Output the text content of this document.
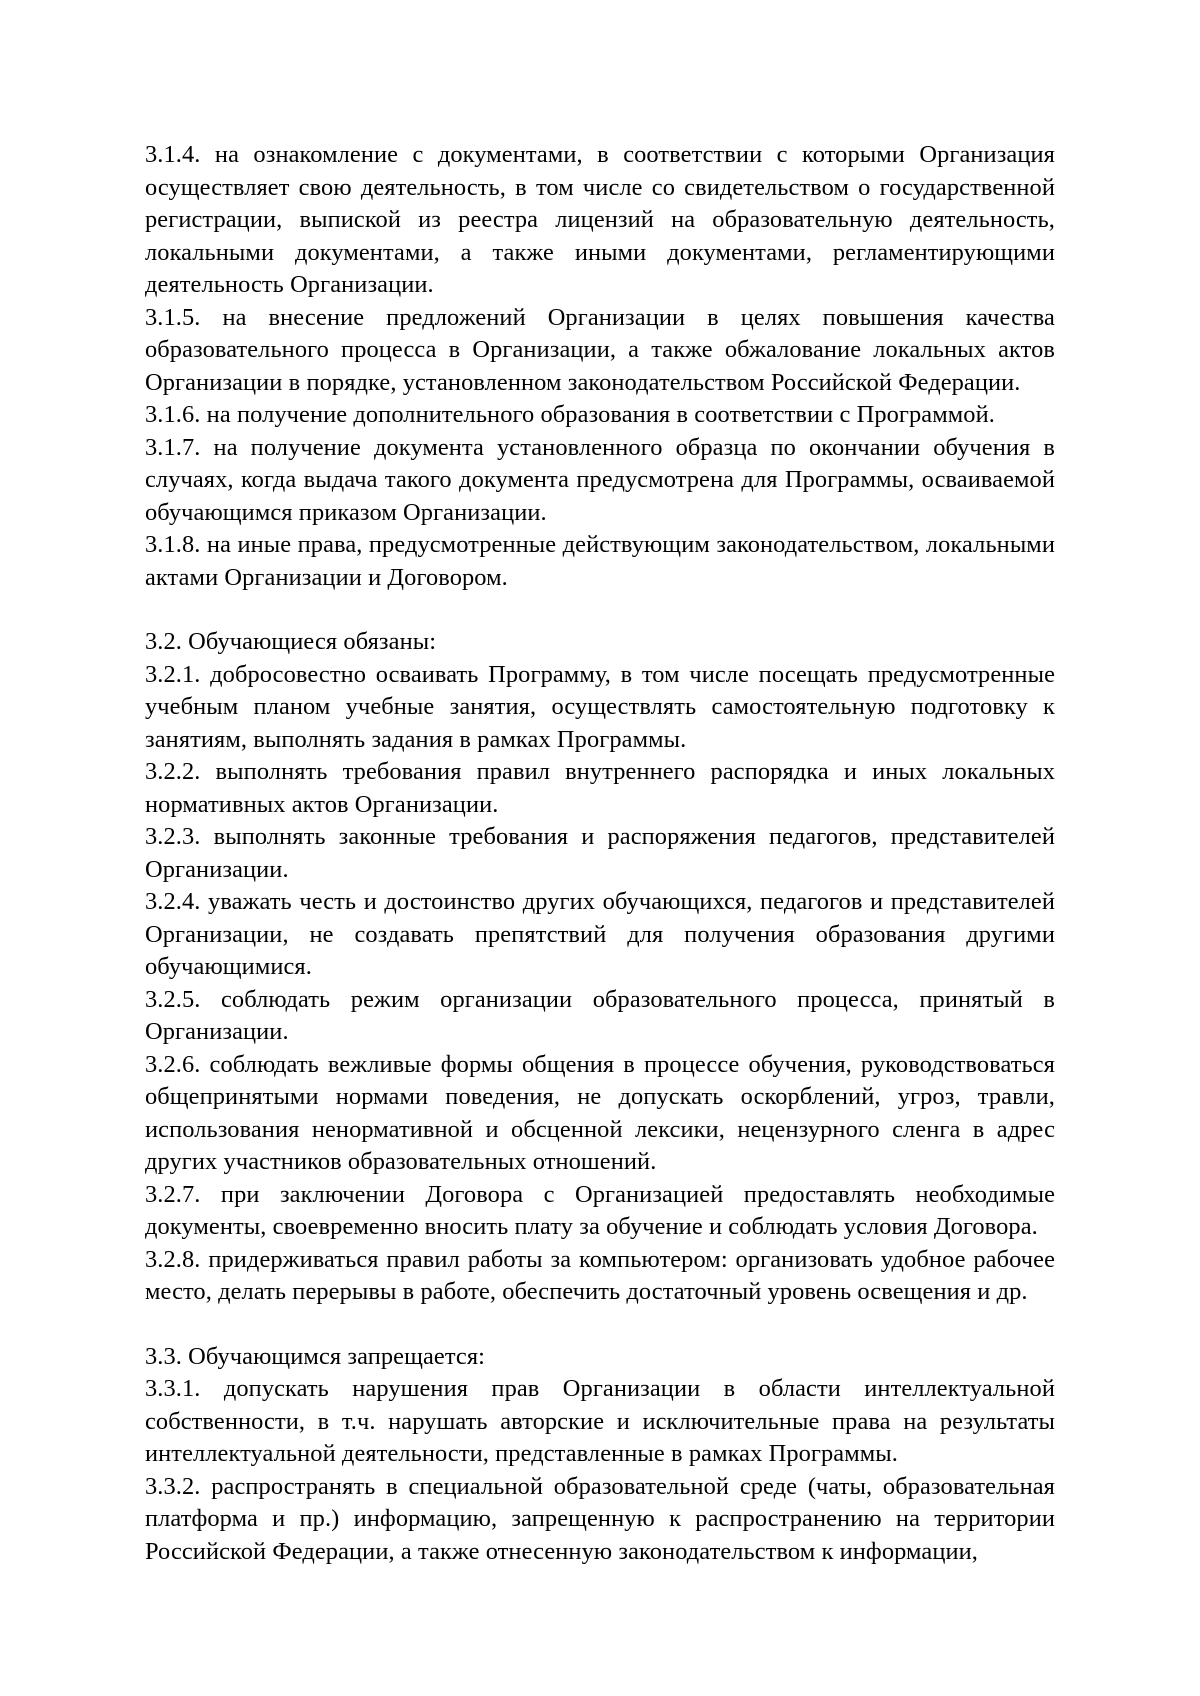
3.1.4. на ознакомление с документами, в соответствии с которыми Организация осуществляет свою деятельность, в том числе со свидетельством о государственной регистрации, выпиской из реестра лицензий на образовательную деятельность, локальными документами, а также иными документами, регламентирующими деятельность Организации.

3.1.5. на внесение предложений Организации в целях повышения качества образовательного процесса в Организации, а также обжалование локальных актов Организации в порядке, установленном законодательством Российской Федерации.

3.1.6. на получение дополнительного образования в соответствии с Программой.

3.1.7. на получение документа установленного образца по окончании обучения в случаях, когда выдача такого документа предусмотрена для Программы, осваиваемой обучающимся приказом Организации.

3.1.8. на иные права, предусмотренные действующим законодательством, локальными актами Организации и Договором.

3.2. Обучающиеся обязаны:

3.2.1. добросовестно осваивать Программу, в том числе посещать предусмотренные учебным планом учебные занятия, осуществлять самостоятельную подготовку к занятиям, выполнять задания в рамках Программы.

3.2.2. выполнять требования правил внутреннего распорядка и иных локальных нормативных актов Организации.

3.2.3. выполнять законные требования и распоряжения педагогов, представителей Организации.

3.2.4. уважать честь и достоинство других обучающихся, педагогов и представителей Организации, не создавать препятствий для получения образования другими обучающимися.

3.2.5. соблюдать режим организации образовательного процесса, принятый в Организации.

3.2.6. соблюдать вежливые формы общения в процессе обучения, руководствоваться общепринятыми нормами поведения, не допускать оскорблений, угроз, травли, использования ненормативной и обсценной лексики, нецензурного сленга в адрес других участников образовательных отношений.

3.2.7. при заключении Договора с Организацией предоставлять необходимые документы, своевременно вносить плату за обучение и соблюдать условия Договора.

3.2.8. придерживаться правил работы за компьютером: организовать удобное рабочее место, делать перерывы в работе, обеспечить достаточный уровень освещения и др.

3.3. Обучающимся запрещается:

3.3.1. допускать нарушения прав Организации в области интеллектуальной собственности, в т.ч. нарушать авторские и исключительные права на результаты интеллектуальной деятельности, представленные в рамках Программы.

3.3.2. распространять в специальной образовательной среде (чаты, образовательная платформа и пр.) информацию, запрещенную к распространению на территории Российской Федерации, а также отнесенную законодательством к информации,
